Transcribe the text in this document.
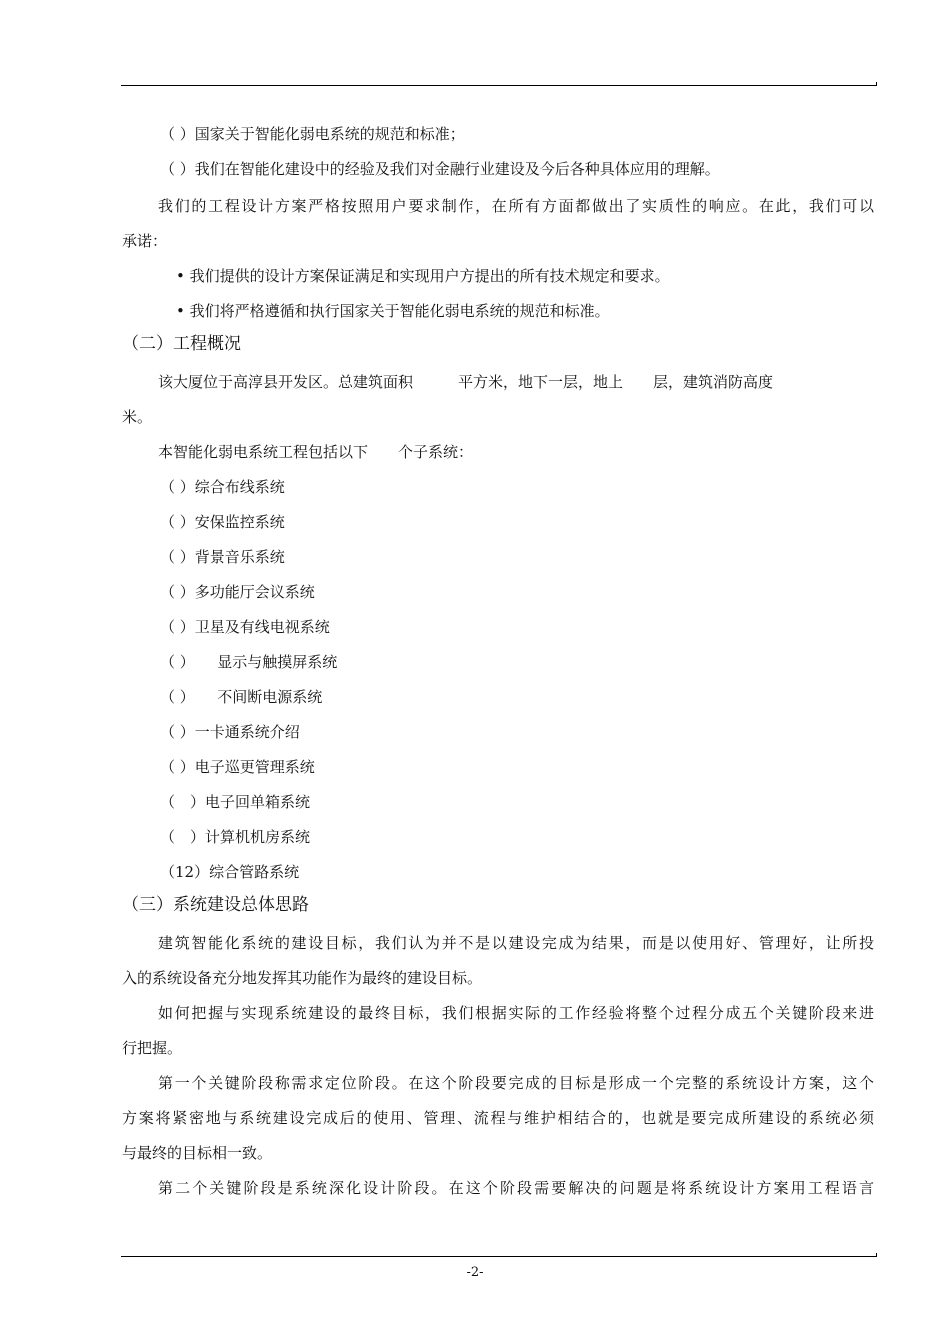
（ ）国家关于智能化弱电系统的规范和标准；
（ ）我们在智能化建设中的经验及我们对金融行业建设及今后各种具体应用的理解。
我们的工程设计方案严格按照用户要求制作，在所有方面都做出了实质性的响应。在此，我们可以
承诺：
• 我们提供的设计方案保证满足和实现用户方提出的所有技术规定和要求。
• 我们将严格遵循和执行国家关于智能化弱电系统的规范和标准。
（二）工程概况
该大厦位于高淳县开发区。总建筑面积　　　平方米，地下一层，地上　　层，建筑消防高度
米。
本智能化弱电系统工程包括以下　　个子系统：
（ ）综合布线系统
（ ）安保监控系统
（ ）背景音乐系统
（ ）多功能厅会议系统
（ ）卫星及有线电视系统
（ ）　　显示与触摸屏系统
（ ）　　不间断电源系统
（ ）一卡通系统介绍
（ ）电子巡更管理系统
（　）电子回单箱系统
（　）计算机机房系统
（12）综合管路系统
（三）系统建设总体思路
建筑智能化系统的建设目标，我们认为并不是以建设完成为结果，而是以使用好、管理好，让所投
入的系统设备充分地发挥其功能作为最终的建设目标。
如何把握与实现系统建设的最终目标，我们根据实际的工作经验将整个过程分成五个关键阶段来进
行把握。
第一个关键阶段称需求定位阶段。在这个阶段要完成的目标是形成一个完整的系统设计方案，这个
方案将紧密地与系统建设完成后的使用、管理、流程与维护相结合的，也就是要完成所建设的系统必须
与最终的目标相一致。
第二个关键阶段是系统深化设计阶段。在这个阶段需要解决的问题是将系统设计方案用工程语言
-2-
